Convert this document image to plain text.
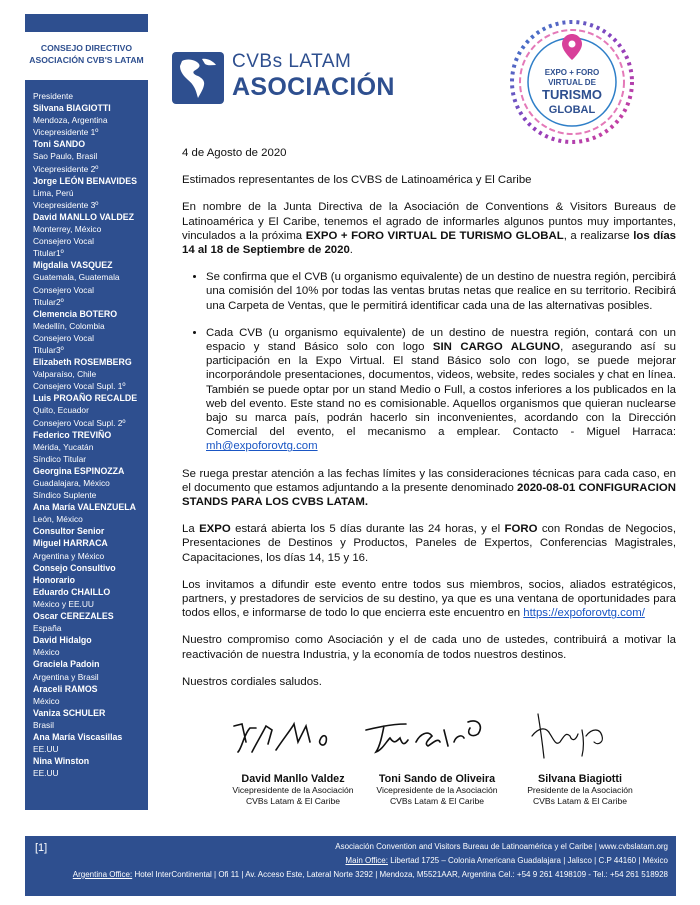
CONSEJO DIRECTIVO
ASOCIACIÓN CVB'S LATAM
Presidente
Silvana BIAGIOTTI
Mendoza, Argentina
Vicepresidente 1º
Toni SANDO
Sao Paulo, Brasil
Vicepresidente 2º
Jorge LEÓN BENAVIDES
Lima, Perú
Vicepresidente 3º
David MANLLO VALDEZ
Monterrey, México
Consejero Vocal
Titular1º
Migdalia VASQUEZ
Guatemala, Guatemala
Consejero Vocal
Titular2º
Clemencia BOTERO
Medellín, Colombia
Consejero Vocal
Titular3º
Elizabeth ROSEMBERG
Valparaíso, Chile
Consejero Vocal Supl. 1º
Luis PROAÑO RECALDE
Quito, Ecuador
Consejero Vocal Supl. 2º
Federico TREVIÑO
Mérida, Yucatán
Síndico Titular
Georgina ESPINOZZA
Guadalajara, México
Síndico Suplente
Ana María VALENZUELA
León, México
Consultor Senior
Miguel HARRACA
Argentina y México
Consejo Consultivo
Honorario
Eduardo CHAILLO
México y EE.UU
Oscar CEREZALES
España
David Hidalgo
México
Graciela Padoin
Argentina y Brasil
Araceli RAMOS
México
Vaniza SCHULER
Brasil
Ana María Viscasillas
EE.UU
Nina Winston
EE.UU
CVBs LATAM
ASOCIACIÓN
EXPO + FORO
VIRTUAL DE
TURISMO
GLOBAL

4 de Agosto de 2020

Estimados representantes de los CVBS de Latinoamérica y El Caribe

En nombre de la Junta Directiva de la Asociación de Conventions & Visitors Bureaus de Latinoamérica y El Caribe, tenemos el agrado de informarles algunos puntos muy importantes, vinculados a la próxima EXPO + FORO VIRTUAL DE TURISMO GLOBAL, a realizarse los días 14 al 18 de Septiembre de 2020.

• Se confirma que el CVB (u organismo equivalente) de un destino de nuestra región, percibirá una comisión del 10% por todas las ventas brutas netas que realice en su territorio. Recibirá una Carpeta de Ventas, que le permitirá identificar cada una de las alternativas posibles.
• Cada CVB (u organismo equivalente) de un destino de nuestra región, contará con un espacio y stand Básico solo con logo SIN CARGO ALGUNO, asegurando así su participación en la Expo Virtual. El stand Básico solo con logo, se puede mejorar incorporándole presentaciones, documentos, videos, website, redes sociales y chat en línea. También se puede optar por un stand Medio o Full, a costos inferiores a los publicados en la web del evento. Este stand no es comisionable. Aquellos organismos que quieran nuclearse bajo su marca país, podrán hacerlo sin inconvenientes, acordando con la Dirección Comercial del evento, el mecanismo a emplear. Contacto - Miguel Harraca: mh@expoforovtg.com

Se ruega prestar atención a las fechas límites y las consideraciones técnicas para cada caso, en el documento que estamos adjuntando a la presente denominado 2020-08-01 CONFIGURACION STANDS PARA LOS CVBS LATAM.

La EXPO estará abierta los 5 días durante las 24 horas, y el FORO con Rondas de Negocios, Presentaciones de Destinos y Productos, Paneles de Expertos, Conferencias Magistrales, Capacitaciones, los días 14, 15 y 16.

Los invitamos a difundir este evento entre todos sus miembros, socios, aliados estratégicos, partners, y prestadores de servicios de su destino, ya que es una ventana de oportunidades para todos ellos, e informarse de todo lo que encierra este encuentro en https://expoforovtg.com/

Nuestro compromiso como Asociación y el de cada uno de ustedes, contribuirá a motivar la reactivación de nuestra Industria, y la economía de todos nuestros destinos.

Nuestros cordiales saludos.

David Manllo Valdez
Vicepresidente de la Asociación
CVBs Latam & El Caribe
Toni Sando de Oliveira
Vicepresidente de la Asociación
CVBs Latam & El Caribe
Silvana Biagiotti
Presidente de la Asociación
CVBs Latam & El Caribe
[1]	Asociación Convention and Visitors Bureau de Latinoamérica y el Caribe | www.cvbslatam.org
Main Office: Libertad 1725 – Colonia Americana Guadalajara | Jalisco | C.P 44160 | México
Argentina Office: Hotel InterContinental | Ofi 11 | Av. Acceso Este, Lateral Norte 3292 | Mendoza, M5521AAR, Argentina Cel.: +54 9 261 4198109 - Tel.: +54 261 518928
